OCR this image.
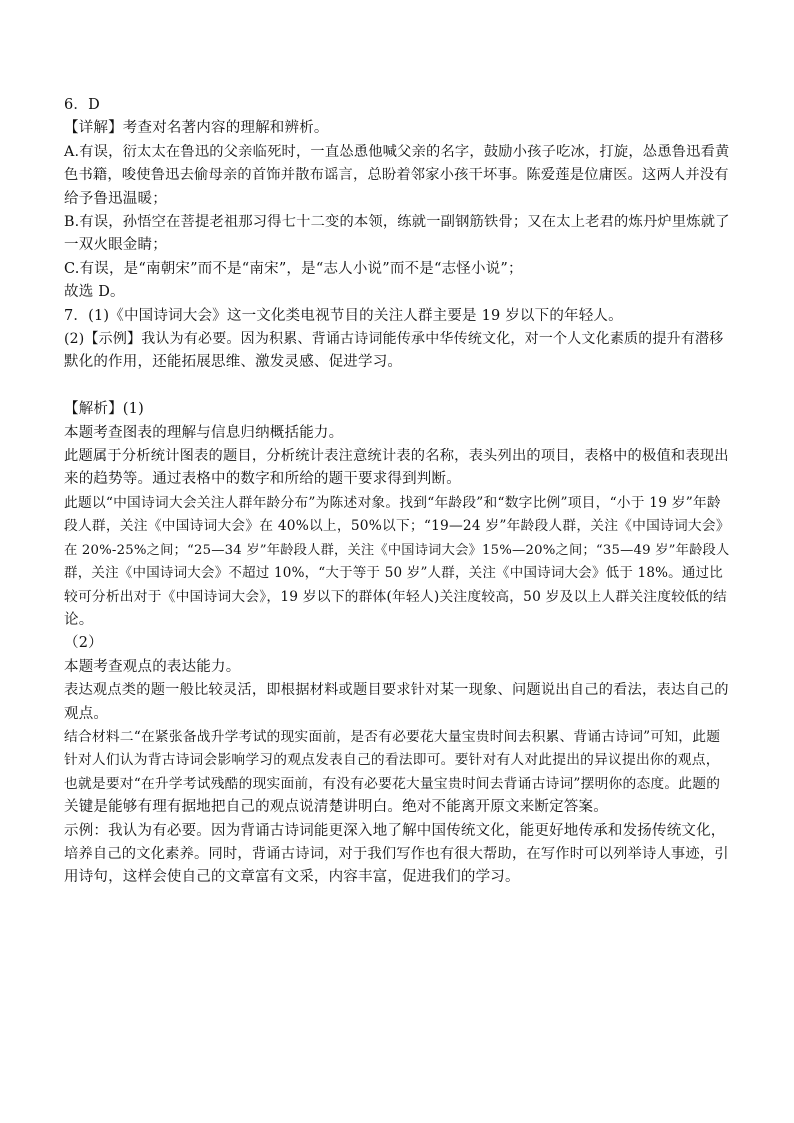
6．D
【详解】考查对名著内容的理解和辨析。
A.有误，衍太太在鲁迅的父亲临死时，一直怂恿他喊父亲的名字，鼓励小孩子吃冰，打旋，怂恿鲁迅看黄
色书籍，唆使鲁迅去偷母亲的首饰并散布谣言，总盼着邻家小孩干坏事。陈爱莲是位庸医。这两人并没有
给予鲁迅温暖；
B.有误，孙悟空在菩提老祖那习得七十二变的本领，练就一副钢筋铁骨；又在太上老君的炼丹炉里炼就了
一双火眼金睛；
C.有误，是“南朝宋”而不是“南宋”，是“志人小说”而不是“志怪小说”；
故选 D。
7．(1)《中国诗词大会》这一文化类电视节目的关注人群主要是 19 岁以下的年轻人。
(2)【示例】我认为有必要。因为积累、背诵古诗词能传承中华传统文化，对一个人文化素质的提升有潜移
默化的作用，还能拓展思维、激发灵感、促进学习。
【解析】(1)
本题考查图表的理解与信息归纳概括能力。
此题属于分析统计图表的题目，分析统计表注意统计表的名称，表头列出的项目，表格中的极值和表现出
来的趋势等。通过表格中的数字和所给的题干要求得到判断。
此题以“中国诗词大会关注人群年龄分布”为陈述对象。找到“年龄段”和“数字比例”项目，“小于 19 岁”年龄
段人群，关注《中国诗词大会》在 40%以上，50%以下；“19—24 岁”年龄段人群，关注《中国诗词大会》
在 20%-25%之间；“25—34 岁”年龄段人群，关注《中国诗词大会》15%—20%之间；“35—49 岁”年龄段人
群，关注《中国诗词大会》不超过 10%，“大于等于 50 岁”人群，关注《中国诗词大会》低于 18%。通过比
较可分析出对于《中国诗词大会》，19 岁以下的群体(年轻人)关注度较高，50 岁及以上人群关注度较低的结
论。
（2）
本题考查观点的表达能力。
表达观点类的题一般比较灵活，即根据材料或题目要求针对某一现象、问题说出自己的看法，表达自己的
观点。
结合材料二“在紧张备战升学考试的现实面前，是否有必要花大量宝贵时间去积累、背诵古诗词”可知，此题
针对人们认为背古诗词会影响学习的观点发表自己的看法即可。要针对有人对此提出的异议提出你的观点，
也就是要对“在升学考试残酷的现实面前，有没有必要花大量宝贵时间去背诵古诗词”摆明你的态度。此题的
关键是能够有理有据地把自己的观点说清楚讲明白。绝对不能离开原文来断定答案。
示例：我认为有必要。因为背诵古诗词能更深入地了解中国传统文化，能更好地传承和发扬传统文化，
培养自己的文化素养。同时，背诵古诗词，对于我们写作也有很大帮助，在写作时可以列举诗人事迹，引
用诗句，这样会使自己的文章富有文采，内容丰富，促进我们的学习。
